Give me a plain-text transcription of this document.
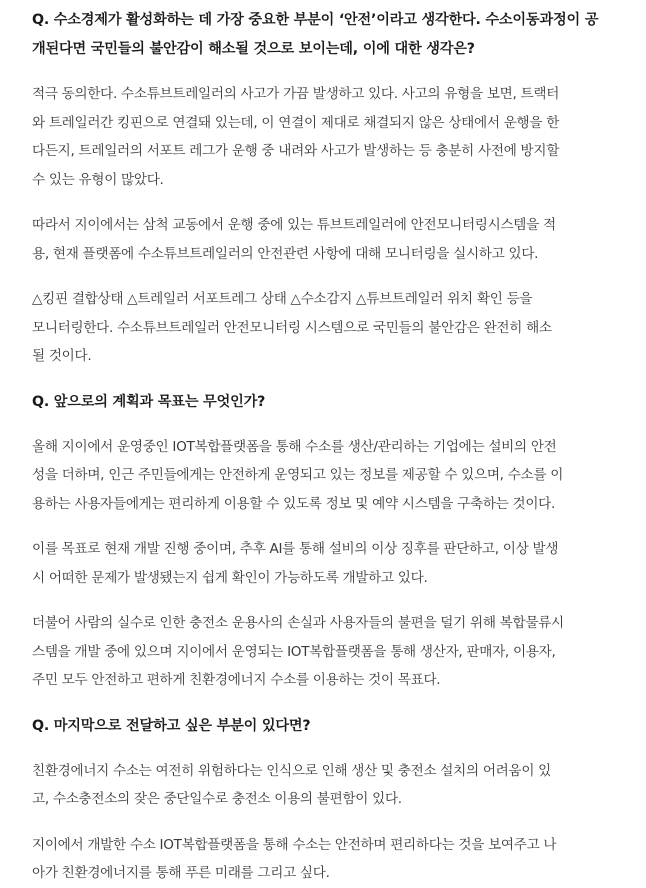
Q. 수소경제가 활성화하는 데 가장 중요한 부분이 ‘안전’이라고 생각한다. 수소이동과정이 공
개된다면 국민들의 불안감이 해소될 것으로 보이는데, 이에 대한 생각은?

적극 동의한다. 수소튜브트레일러의 사고가 가끔 발생하고 있다. 사고의 유형을 보면, 트랙터
와 트레일러간 킹핀으로 연결돼 있는데, 이 연결이 제대로 채결되지 않은 상태에서 운행을 한
다든지, 트레일러의 서포트 레그가 운행 중 내려와 사고가 발생하는 등 충분히 사전에 방지할
수 있는 유형이 많았다.

따라서 지이에서는 삼척 교동에서 운행 중에 있는 튜브트레일러에 안전모니터링시스템을 적
용, 현재 플랫폼에 수소튜브트레일러의 안전관련 사항에 대해 모니터링을 실시하고 있다.

△킹핀 결합상태 △트레일러 서포트레그 상태 △수소감지 △튜브트레일러 위치 확인 등을
모니터링한다. 수소튜브트레일러 안전모니터링 시스템으로 국민들의 불안감은 완전히 해소
될 것이다.

Q. 앞으로의 계획과 목표는 무엇인가?

올해 지이에서 운영중인 IOT복합플랫폼을 통해 수소를 생산/관리하는 기업에는 설비의 안전
성을 더하며, 인근 주민들에게는 안전하게 운영되고 있는 정보를 제공할 수 있으며, 수소를 이
용하는 사용자들에게는 편리하게 이용할 수 있도록 정보 및 예약 시스템을 구축하는 것이다.

이를 목표로 현재 개발 진행 중이며, 추후 AI를 통해 설비의 이상 징후를 판단하고, 이상 발생
시 어떠한 문제가 발생됐는지 쉽게 확인이 가능하도록 개발하고 있다.

더불어 사람의 실수로 인한 충전소 운용사의 손실과 사용자들의 불편을 덜기 위해 복합물류시
스템을 개발 중에 있으며 지이에서 운영되는 IOT복합플랫폼을 통해 생산자, 판매자, 이용자,
주민 모두 안전하고 편하게 친환경에너지 수소를 이용하는 것이 목표다.

Q. 마지막으로 전달하고 싶은 부분이 있다면?

친환경에너지 수소는 여전히 위험하다는 인식으로 인해 생산 및 충전소 설치의 어려움이 있
고, 수소충전소의 잦은 중단일수로 충전소 이용의 불편함이 있다.

지이에서 개발한 수소 IOT복합플랫폼을 통해 수소는 안전하며 편리하다는 것을 보여주고 나
아가 친환경에너지를 통해 푸른 미래를 그리고 싶다.
